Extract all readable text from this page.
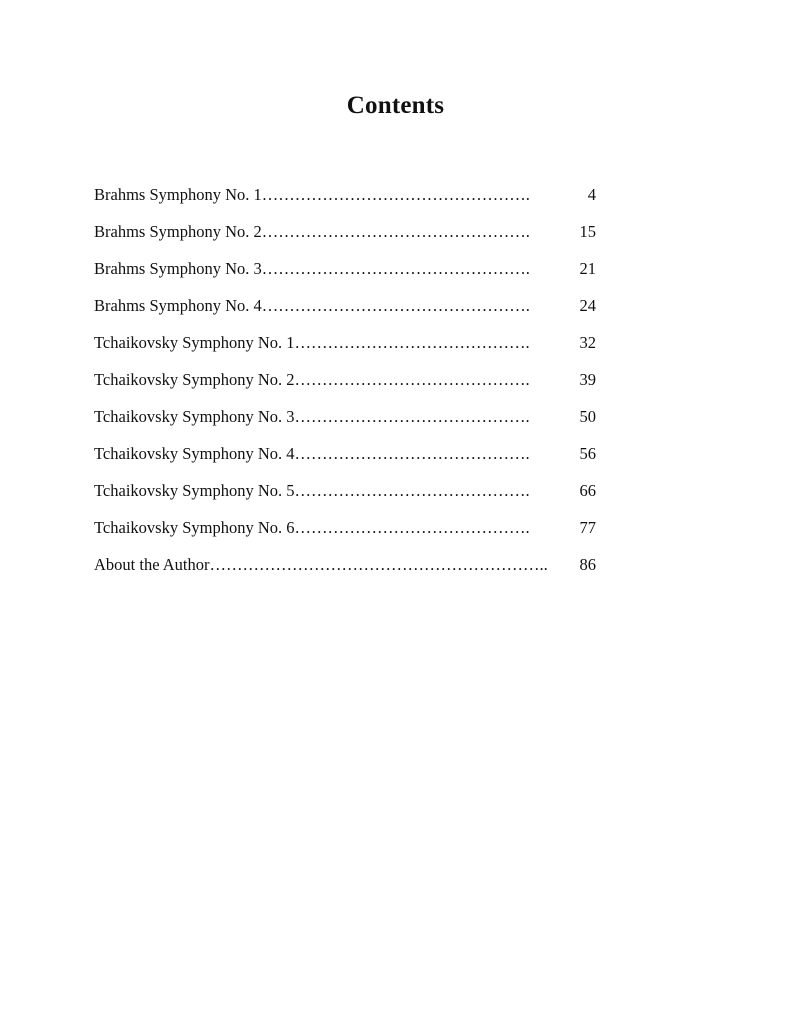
Contents
Brahms Symphony No. 1 ………………………………………….	4
Brahms Symphony No. 2 ………………………………………….	15
Brahms Symphony No. 3 ………………………………………….	21
Brahms Symphony No. 4 ………………………………………….	24
Tchaikovsky Symphony No. 1 …………………………………….	32
Tchaikovsky Symphony No. 2 …………………………………….	39
Tchaikovsky Symphony No. 3 …………………………………….	50
Tchaikovsky Symphony No. 4 …………………………………….	56
Tchaikovsky Symphony No. 5 …………………………………….	66
Tchaikovsky Symphony No. 6 …………………………………….	77
About the Author ……………………………………………………..	86
